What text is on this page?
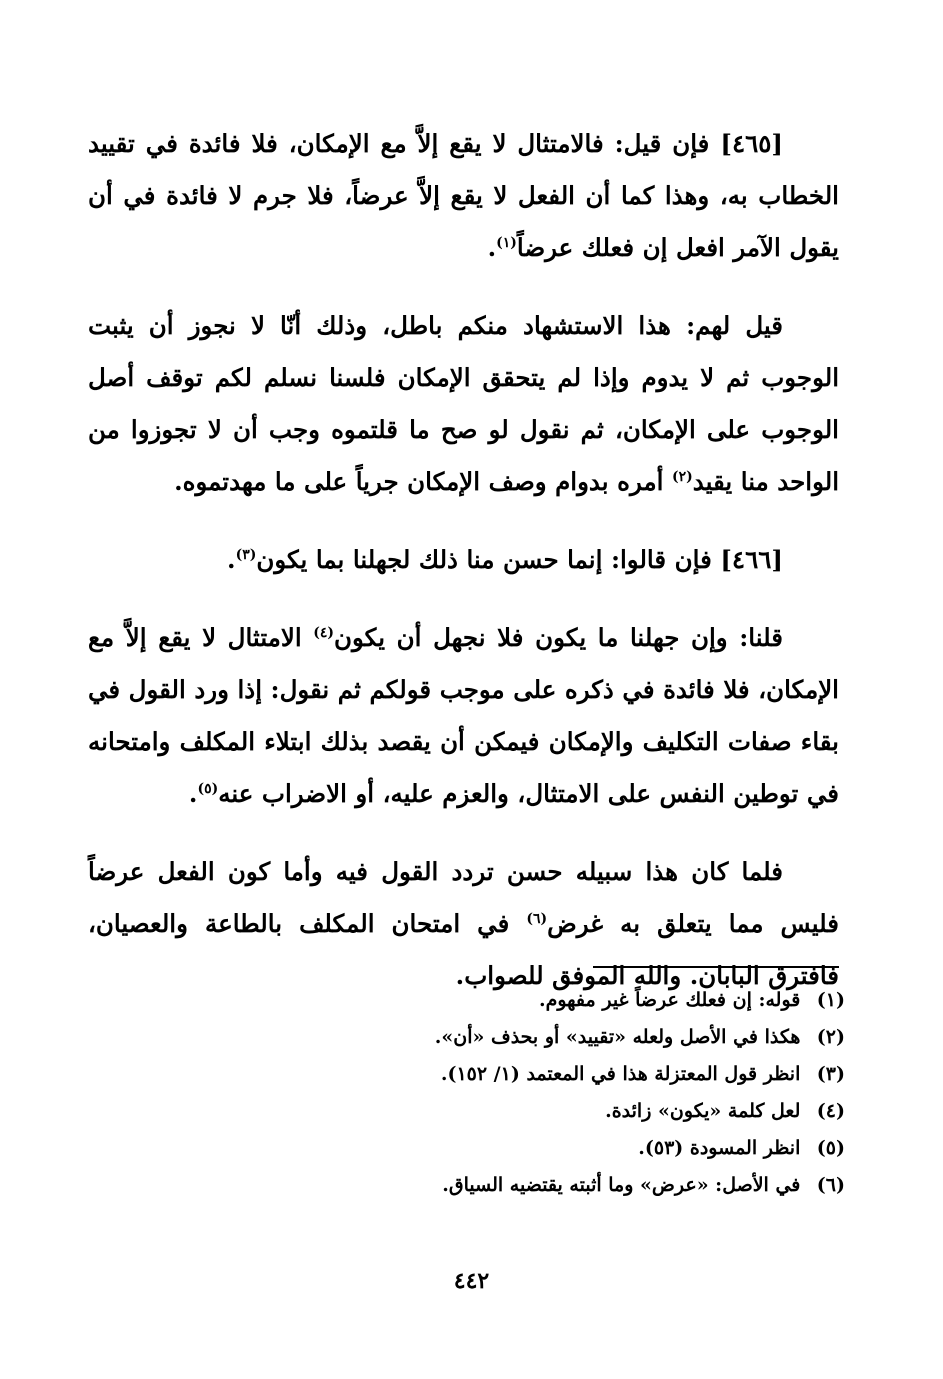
[٤٦٥] فإن قيل: فالامتثال لا يقع إلاَّ مع الإمكان، فلا فائدة في تقييد الخطاب به، وهذا كما أن الفعل لا يقع إلاَّ عرضاً، فلا جرم لا فائدة في أن يقول الآمر افعل إن فعلك عرضاً$^{(١)}$.

قيل لهم: هذا الاستشهاد منكم باطل، وذلك أنّا لا نجوز أن يثبت الوجوب ثم لا يدوم وإذا لم يتحقق الإمكان فلسنا نسلم لكم توقف أصل الوجوب على الإمكان، ثم نقول لو صح ما قلتموه وجب أن لا تجوزوا من الواحد منا يقيد$^{(٢)}$ أمره بدوام وصف الإمكان جرياً على ما مهدتموه.

[٤٦٦] فإن قالوا: إنما حسن منا ذلك لجهلنا بما يكون$^{(٣)}$.

قلنا: وإن جهلنا ما يكون فلا نجهل أن يكون$^{(٤)}$ الامتثال لا يقع إلاَّ مع الإمكان، فلا فائدة في ذكره على موجب قولكم ثم نقول: إذا ورد القول في بقاء صفات التكليف والإمكان فيمكن أن يقصد بذلك ابتلاء المكلف وامتحانه في توطين النفس على الامتثال، والعزم عليه، أو الاضراب عنه$^{(٥)}$.

فلما كان هذا سبيله حسن تردد القول فيه وأما كون الفعل عرضاً فليس مما يتعلق به غرض$^{(٦)}$ في امتحان المكلف بالطاعة والعصيان، فافترق البابان. والله الموفق للصواب.

(١) قوله: إن فعلك عرضاً غير مفهوم.
(٢) هكذا في الأصل ولعله «تقييد» أو بحذف «أن».
(٣) انظر قول المعتزلة هذا في المعتمد (١/ ١٥٢).
(٤) لعل كلمة «يكون» زائدة.
(٥) انظر المسودة (٥٣).
(٦) في الأصل: «عرض» وما أثبته يقتضيه السياق.
٤٤٢
